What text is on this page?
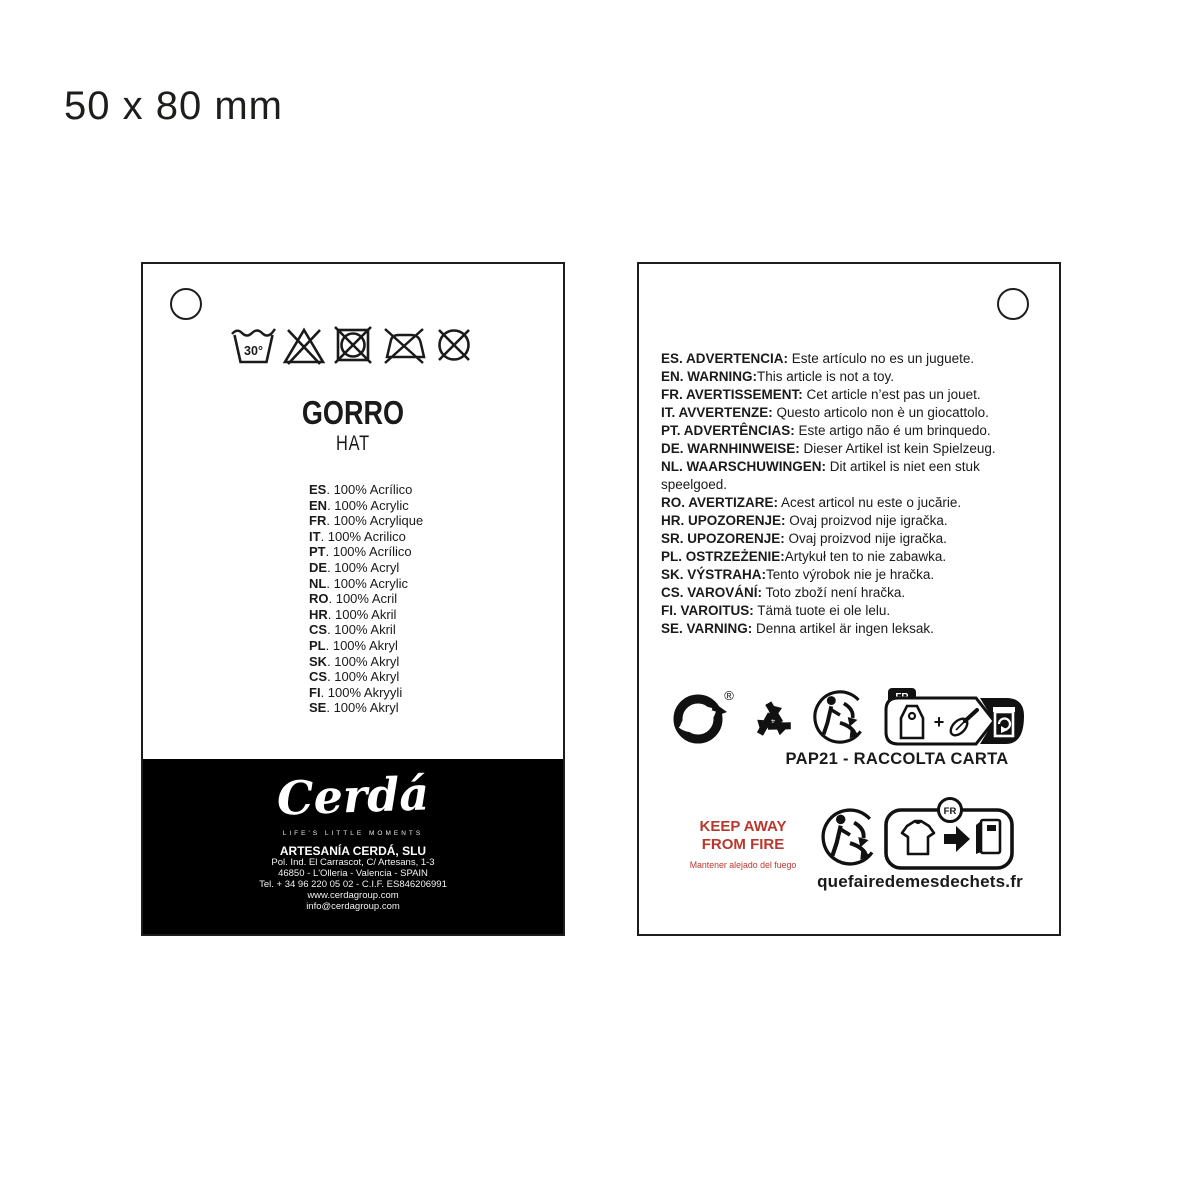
50 x 80 mm
30°
GORRO
HAT
ES. 100% Acrílico
EN. 100% Acrylic
FR. 100% Acrylique
IT. 100% Acrilico
PT. 100% Acrílico
DE. 100% Acryl
NL. 100% Acrylic
RO. 100% Acril
HR. 100% Akril
CS. 100% Akril
PL. 100% Akryl
SK. 100% Akryl
CS. 100% Akryl
FI. 100% Akryyli
SE. 100% Akryl
Cerdá
LIFE'S LITTLE MOMENTS
ARTESANÍA CERDÁ, SLU
Pol. Ind. El Carrascot, C/ Artesans, 1-3
46850 - L'Olleria - Valencia - SPAIN
Tel. + 34 96 220 05 02 - C.I.F. ES846206991
www.cerdagroup.com
info@cerdagroup.com
ES. ADVERTENCIA: Este artículo no es un juguete.
EN. WARNING:This article is not a toy.
FR. AVERTISSEMENT: Cet article n’est pas un jouet.
IT. AVVERTENZE: Questo articolo non è un giocattolo.
PT. ADVERTÊNCIAS: Este artigo não é um brinquedo.
DE. WARNHINWEISE: Dieser Artikel ist kein Spielzeug.
NL. WAARSCHUWINGEN: Dit artikel is niet een stuk speelgoed.
RO. AVERTIZARE: Acest articol nu este o jucărie.
HR. UPOZORENJE: Ovaj proizvod nije igračka.
SR. UPOZORENJE: Ovaj proizvod nije igračka.
PL. OSTRZEŻENIE:Artykuł ten to nie zabawka.
SK. VÝSTRAHA:Tento výrobok nie je hračka.
CS. VAROVÁNÍ: Toto zboží není hračka.
FI. VAROITUS: Tämä tuote ei ole lelu.
SE. VARNING: Denna artikel är ingen leksak.
®
+
PAP21 - RACCOLTA CARTA
KEEP AWAY
FROM FIRE
Mantener alejado del fuego
FR
quefairedemesdechets.fr
